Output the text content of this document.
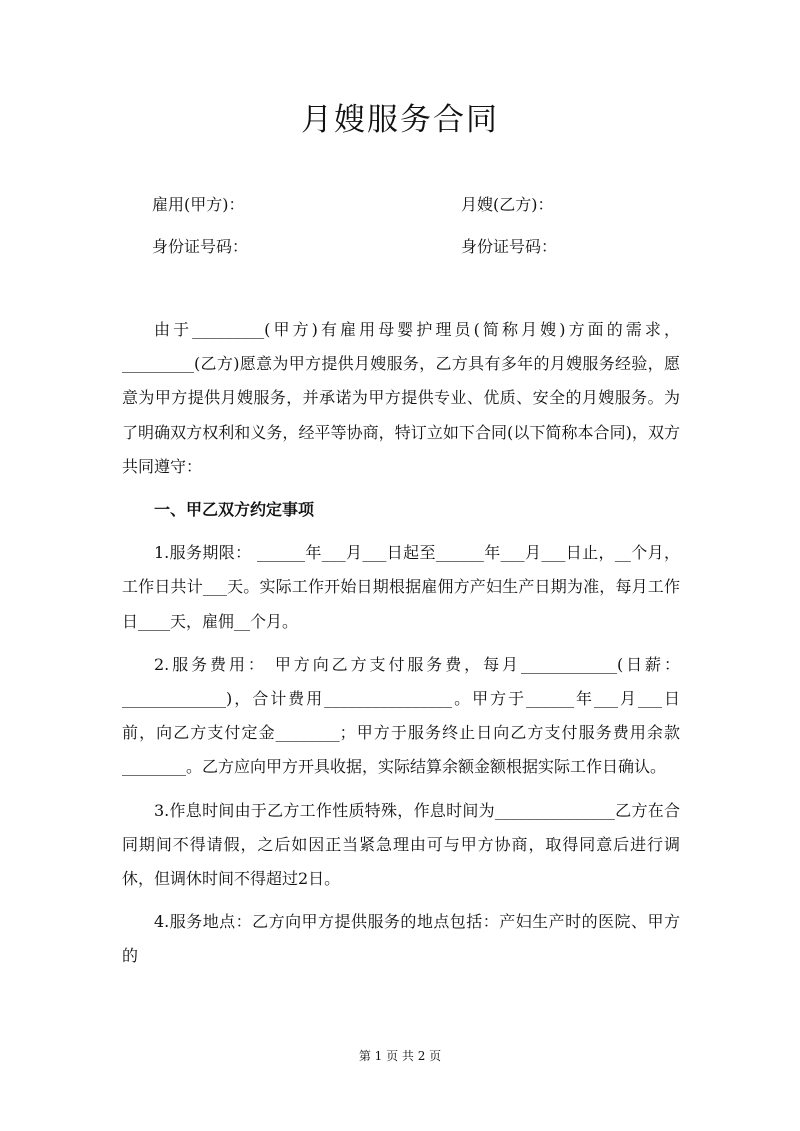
月嫂服务合同
雇用(甲方)：	月嫂(乙方)：
身份证号码：	身份证号码：

由于_________(甲方)有雇用母婴护理员(简称月嫂)方面的需求，_________(乙方)愿意为甲方提供月嫂服务，乙方具有多年的月嫂服务经验，愿意为甲方提供月嫂服务，并承诺为甲方提供专业、优质、安全的月嫂服务。为了明确双方权利和义务，经平等协商，特订立如下合同(以下简称本合同)，双方共同遵守：

一、甲乙双方约定事项

1.服务期限： ______年___月___日起至______年___月___日止，__个月，工作日共计___天。实际工作开始日期根据雇佣方产妇生产日期为准，每月工作日____天，雇佣__个月。

2.服务费用： 甲方向乙方支付服务费，每月____________(日薪：_____________)，合计费用________________。甲方于______年___月___日前，向乙方支付定金________；甲方于服务终止日向乙方支付服务费用余款________。乙方应向甲方开具收据，实际结算余额金额根据实际工作日确认。

3.作息时间由于乙方工作性质特殊，作息时间为_______________乙方在合同期间不得请假，之后如因正当紧急理由可与甲方协商，取得同意后进行调休，但调休时间不得超过2日。

4.服务地点：乙方向甲方提供服务的地点包括：产妇生产时的医院、甲方的

第 1 页 共 2 页
